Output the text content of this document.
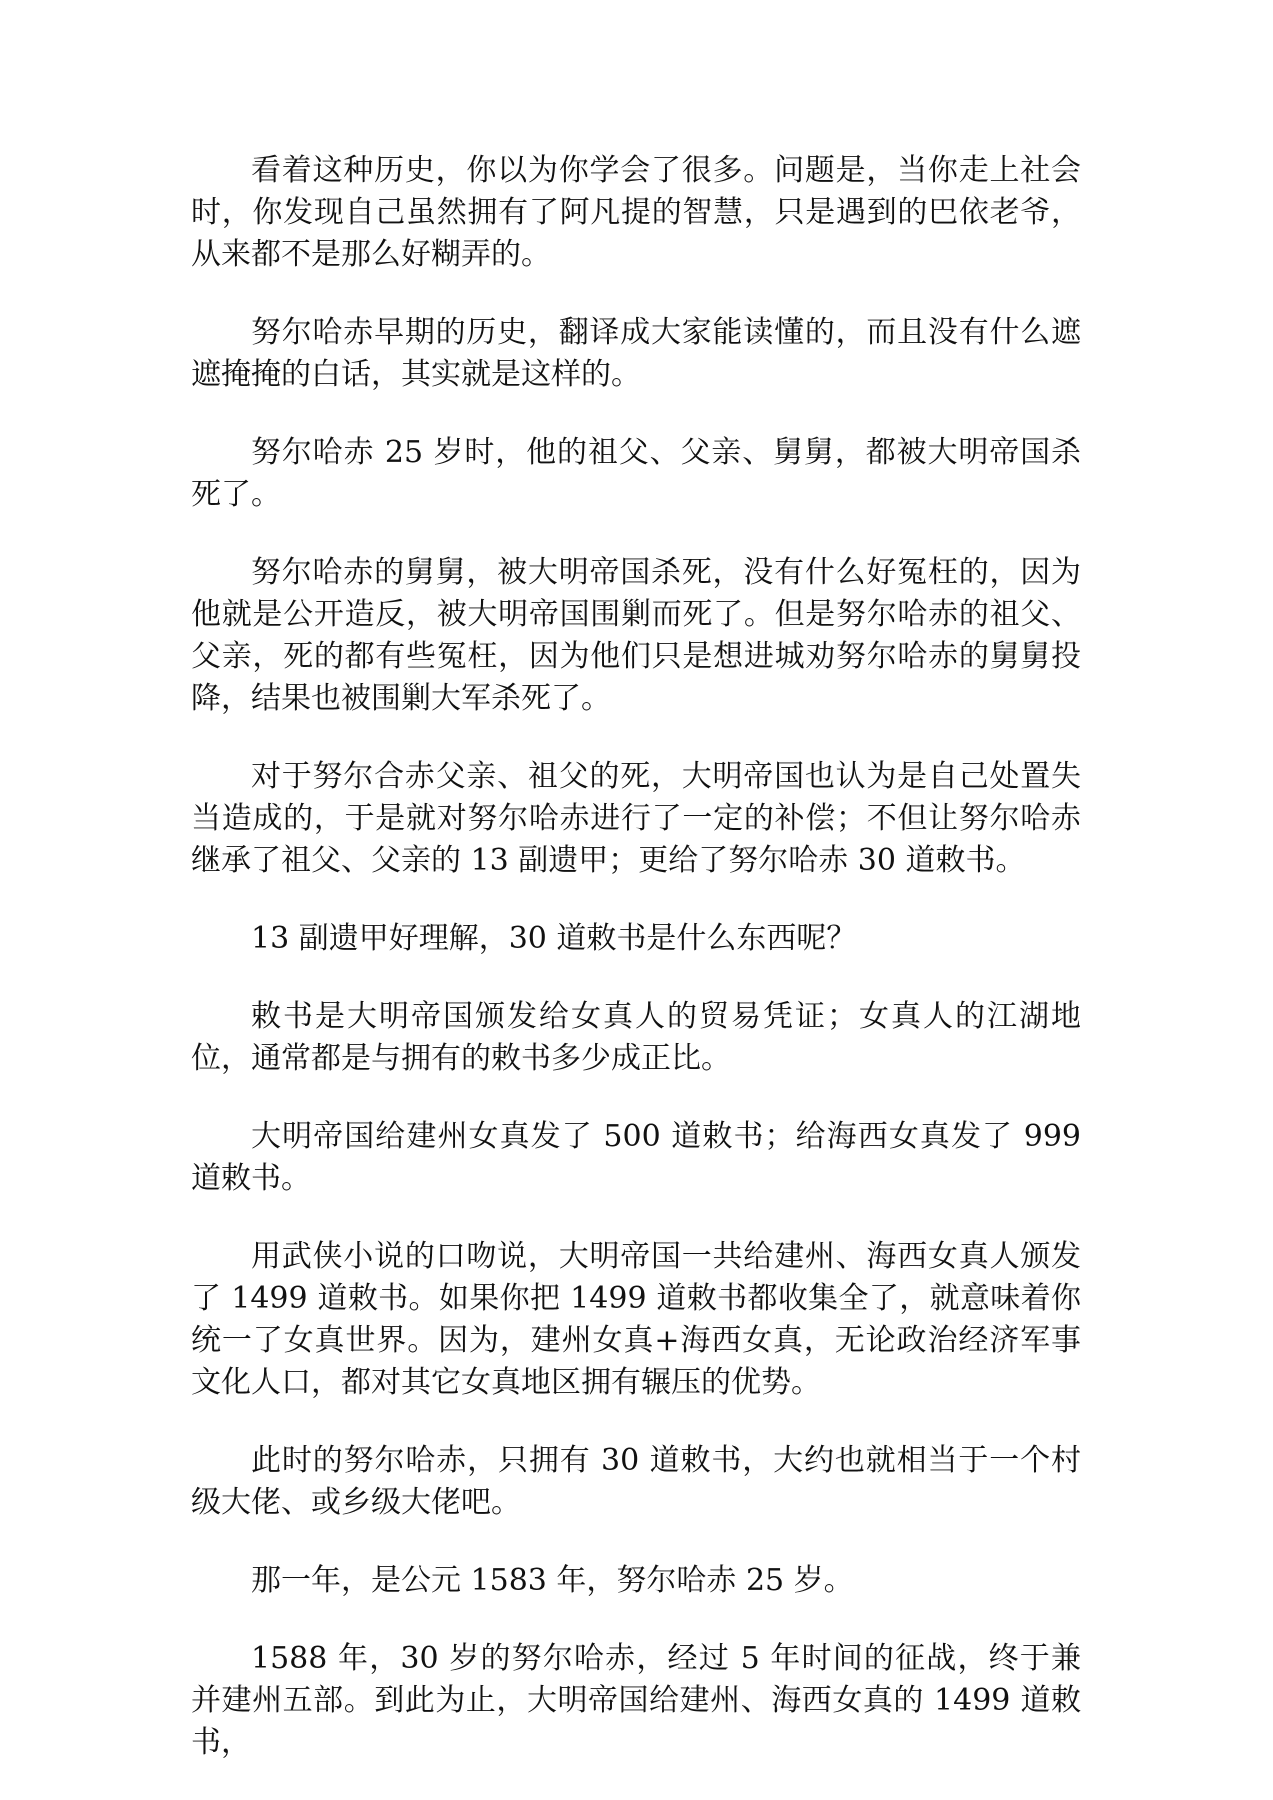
看着这种历史，你以为你学会了很多。问题是，当你走上社会时，你发现自己虽然拥有了阿凡提的智慧，只是遇到的巴依老爷，从来都不是那么好糊弄的。

努尔哈赤早期的历史，翻译成大家能读懂的，而且没有什么遮遮掩掩的白话，其实就是这样的。

努尔哈赤 25 岁时，他的祖父、父亲、舅舅，都被大明帝国杀死了。

努尔哈赤的舅舅，被大明帝国杀死，没有什么好冤枉的，因为他就是公开造反，被大明帝国围剿而死了。但是努尔哈赤的祖父、父亲，死的都有些冤枉，因为他们只是想进城劝努尔哈赤的舅舅投降，结果也被围剿大军杀死了。

对于努尔合赤父亲、祖父的死，大明帝国也认为是自己处置失当造成的，于是就对努尔哈赤进行了一定的补偿；不但让努尔哈赤继承了祖父、父亲的 13 副遗甲；更给了努尔哈赤 30 道敕书。

13 副遗甲好理解，30 道敕书是什么东西呢？

敕书是大明帝国颁发给女真人的贸易凭证；女真人的江湖地位，通常都是与拥有的敕书多少成正比。

大明帝国给建州女真发了 500 道敕书；给海西女真发了 999 道敕书。

用武侠小说的口吻说，大明帝国一共给建州、海西女真人颁发了 1499 道敕书。如果你把 1499 道敕书都收集全了，就意味着你统一了女真世界。因为，建州女真+海西女真，无论政治经济军事文化人口，都对其它女真地区拥有辗压的优势。

此时的努尔哈赤，只拥有 30 道敕书，大约也就相当于一个村级大佬、或乡级大佬吧。

那一年，是公元 1583 年，努尔哈赤 25 岁。

1588 年，30 岁的努尔哈赤，经过 5 年时间的征战，终于兼并建州五部。到此为止，大明帝国给建州、海西女真的 1499 道敕书，
